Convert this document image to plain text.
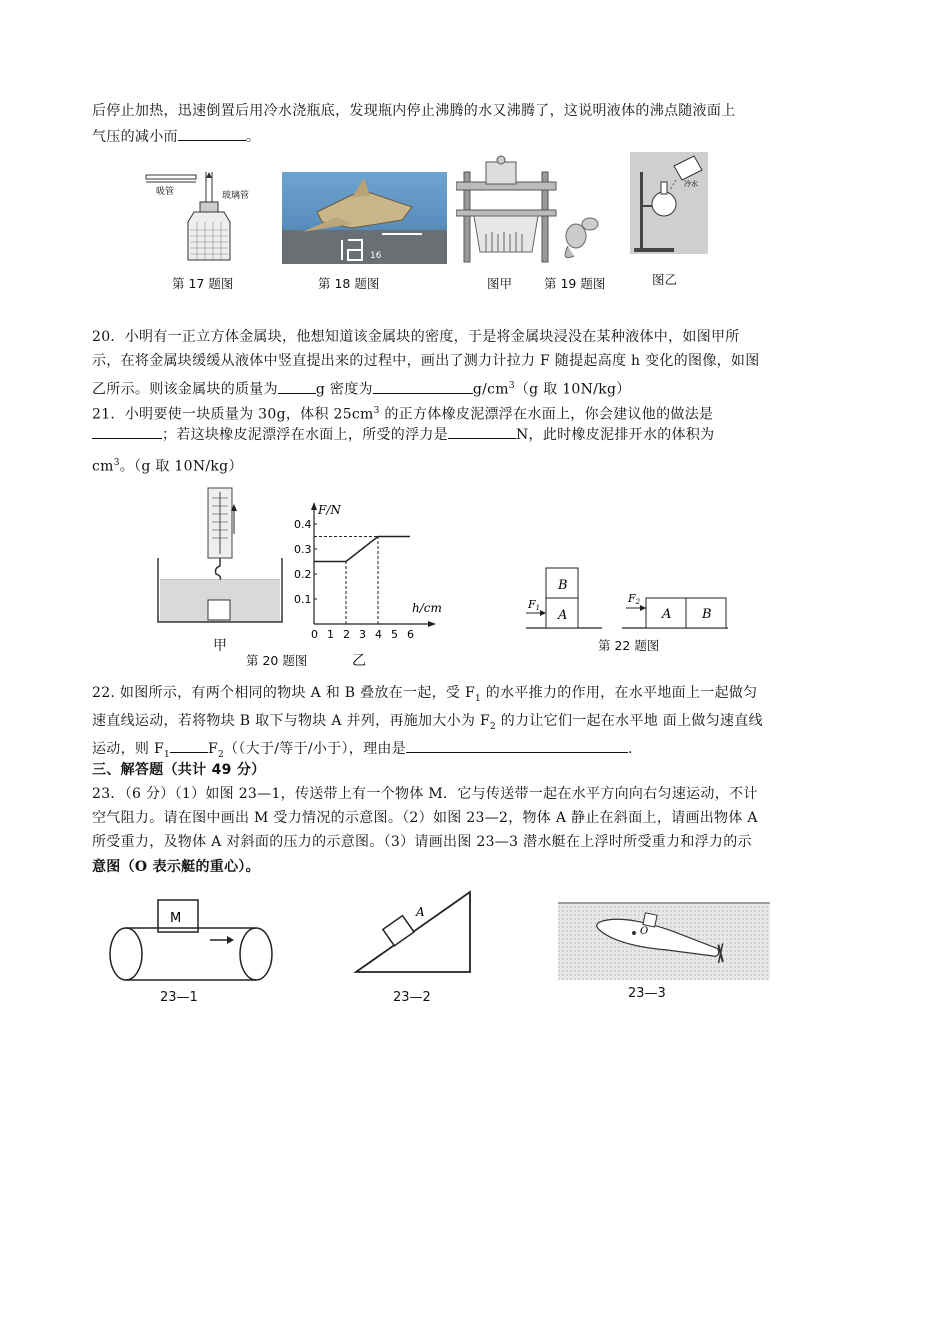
后停止加热，迅速倒置后用冷水浇瓶底，发现瓶内停止沸腾的水又沸腾了，这说明液体的沸点随液面上
气压的减小而	。
吸管	玻璃管
第 17 题图
16
第 18 题图	图甲	第 19 题图
冷水
图乙
20．小明有一正立方体金属块，他想知道该金属块的密度，于是将金属块浸没在某种液体中，如图甲所
示，在将金属块缓缓从液体中竖直提出来的过程中，画出了测力计拉力 F 随提起高度 h 变化的图像，如图
乙所示。则该金属块的质量为	g 密度为	$g/cm^3(g$ 取 10N/kg）
21．小明要使一块质量为 30g，体积 $25cm^3$ 的正方体橡皮泥漂浮在水面上，你会建议他的做法是
；若这块橡皮泥漂浮在水面上，所受的浮力是	N，此时橡皮泥排开水的体积为
$cm^3$。（g 取 10N/kg）
甲
第 20 题图
F/N
h/cm
0 1 2 3 4 5 6
0.1
0.2
0.3
0.4
乙
B
A
F1	A B
F2
第 22 题图
22. 如图所示，有两个相同的物块 A 和 B 叠放在一起，受 $F_1$ 的水平推力的作用，在水平地面上一起做匀
速直线运动，若将物块 B 取下与物块 A 并列，再施加大小为 $F_2$ 的力让它们一起在水平地 面上做匀速直线
运动，则 $F_1$	$F_2$（（大于/等于/小于），理由是	.
三、解答题（共计 49 分）
23．（6 分）（1）如图 23—1，传送带上有一个物体 M．它与传送带一起在水平方向向右匀速运动，不计
空气阻力。请在图中画出 M 受力情况的示意图。（2）如图 23—2，物体 A 静止在斜面上，请画出物体 A
所受重力，及物体 A 对斜面的压力的示意图。（3）请画出图 23—3 潜水艇在上浮时所受重力和浮力的示
意图（O 表示艇的重心）。
M
23—1
A
23—2
O
23—3
